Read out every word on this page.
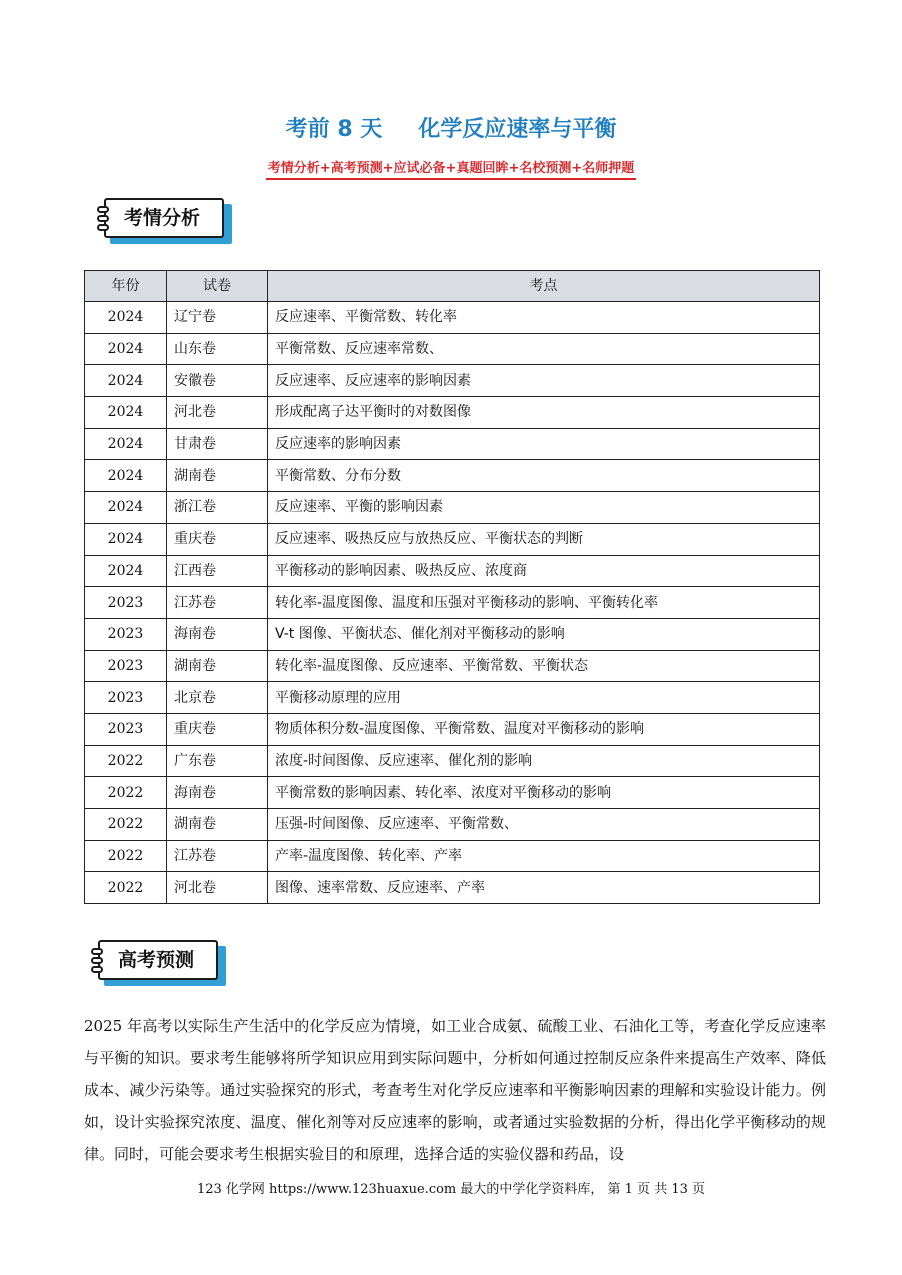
考前 8 天 化学反应速率与平衡
考情分析+高考预测+应试必备+真题回眸+名校预测+名师押题
考情分析
年份	试卷	考点
2024	辽宁卷	反应速率、平衡常数、转化率
2024	山东卷	平衡常数、反应速率常数、
2024	安徽卷	反应速率、反应速率的影响因素
2024	河北卷	形成配离子达平衡时的对数图像
2024	甘肃卷	反应速率的影响因素
2024	湖南卷	平衡常数、分布分数
2024	浙江卷	反应速率、平衡的影响因素
2024	重庆卷	反应速率、吸热反应与放热反应、平衡状态的判断
2024	江西卷	平衡移动的影响因素、吸热反应、浓度商
2023	江苏卷	转化率-温度图像、温度和压强对平衡移动的影响、平衡转化率
2023	海南卷	V-t 图像、平衡状态、催化剂对平衡移动的影响
2023	湖南卷	转化率-温度图像、反应速率、平衡常数、平衡状态
2023	北京卷	平衡移动原理的应用
2023	重庆卷	物质体积分数-温度图像、平衡常数、温度对平衡移动的影响
2022	广东卷	浓度-时间图像、反应速率、催化剂的影响
2022	海南卷	平衡常数的影响因素、转化率、浓度对平衡移动的影响
2022	湖南卷	压强-时间图像、反应速率、平衡常数、
2022	江苏卷	产率-温度图像、转化率、产率
2022	河北卷	图像、速率常数、反应速率、产率
高考预测
2025 年高考以实际生产生活中的化学反应为情境，如工业合成氨、硫酸工业、石油化工等，考查化学反应速率与平衡的知识。要求考生能够将所学知识应用到实际问题中，分析如何通过控制反应条件来提高生产效率、降低成本、减少污染等。通过实验探究的形式，考查考生对化学反应速率和平衡影响因素的理解和实验设计能力。例如，设计实验探究浓度、温度、催化剂等对反应速率的影响，或者通过实验数据的分析，得出化学平衡移动的规律。同时，可能会要求考生根据实验目的和原理，选择合适的实验仪器和药品，设
123 化学网 https://www.123huaxue.com 最大的中学化学资料库， 第 1 页 共 13 页
